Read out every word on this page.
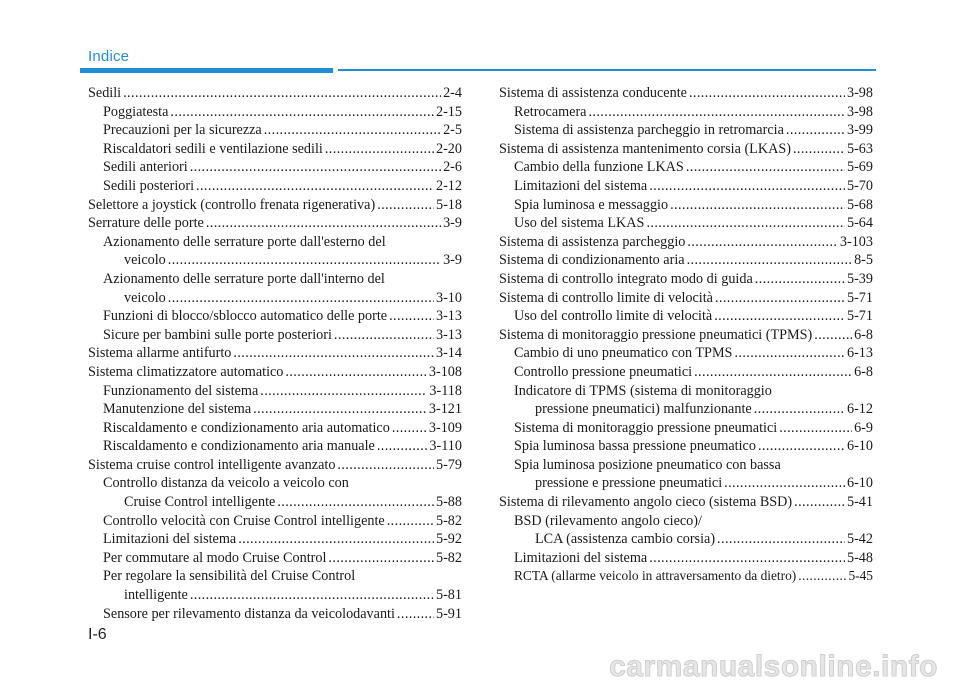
Indice
Sedili .....	2-4
Poggiatesta .....	2-15
Precauzioni per la sicurezza .....	2-5
Riscaldatori sedili e ventilazione sedili .....	2-20
Sedili anteriori .....	2-6
Sedili posteriori .....	2-12
Selettore a joystick (controllo frenata rigenerativa) .....	5-18
Serrature delle porte .....	3-9
Azionamento delle serrature porte dall'esterno del
veicolo .....	3-9
Azionamento delle serrature porte dall'interno del
veicolo .....	3-10
Funzioni di blocco/sblocco automatico delle porte .....	3-13
Sicure per bambini sulle porte posteriori .....	3-13
Sistema allarme antifurto .....	3-14
Sistema climatizzatore automatico .....	3-108
Funzionamento del sistema .....	3-118
Manutenzione del sistema .....	3-121
Riscaldamento e condizionamento aria automatico .....	3-109
Riscaldamento e condizionamento aria manuale .....	3-110
Sistema cruise control intelligente avanzato .....	5-79
Controllo distanza da veicolo a veicolo con
Cruise Control intelligente .....	5-88
Controllo velocità con Cruise Control intelligente .....	5-82
Limitazioni del sistema .....	5-92
Per commutare al modo Cruise Control .....	5-82
Per regolare la sensibilità del Cruise Control
intelligente .....	5-81
Sensore per rilevamento distanza da veicolodavanti .....	5-91
Sistema di assistenza conducente .....	3-98
Retrocamera .....	3-98
Sistema di assistenza parcheggio in retromarcia .....	3-99
Sistema di assistenza mantenimento corsia (LKAS) .....	5-63
Cambio della funzione LKAS .....	5-69
Limitazioni del sistema .....	5-70
Spia luminosa e messaggio .....	5-68
Uso del sistema LKAS .....	5-64
Sistema di assistenza parcheggio .....	3-103
Sistema di condizionamento aria .....	8-5
Sistema di controllo integrato modo di guida .....	5-39
Sistema di controllo limite di velocità .....	5-71
Uso del controllo limite di velocità .....	5-71
Sistema di monitoraggio pressione pneumatici (TPMS) .....	6-8
Cambio di uno pneumatico con TPMS .....	6-13
Controllo pressione pneumatici .....	6-8
Indicatore di TPMS (sistema di monitoraggio
pressione pneumatici) malfunzionante .....	6-12
Sistema di monitoraggio pressione pneumatici .....	6-9
Spia luminosa bassa pressione pneumatico .....	6-10
Spia luminosa posizione pneumatico con bassa
pressione e pressione pneumatici .....	6-10
Sistema di rilevamento angolo cieco (sistema BSD) .....	5-41
BSD (rilevamento angolo cieco)/
LCA (assistenza cambio corsia) .....	5-42
Limitazioni del sistema .....	5-48
RCTA (allarme veicolo in attraversamento da dietro) .....	5-45
I-6
carmanualsonline.info
